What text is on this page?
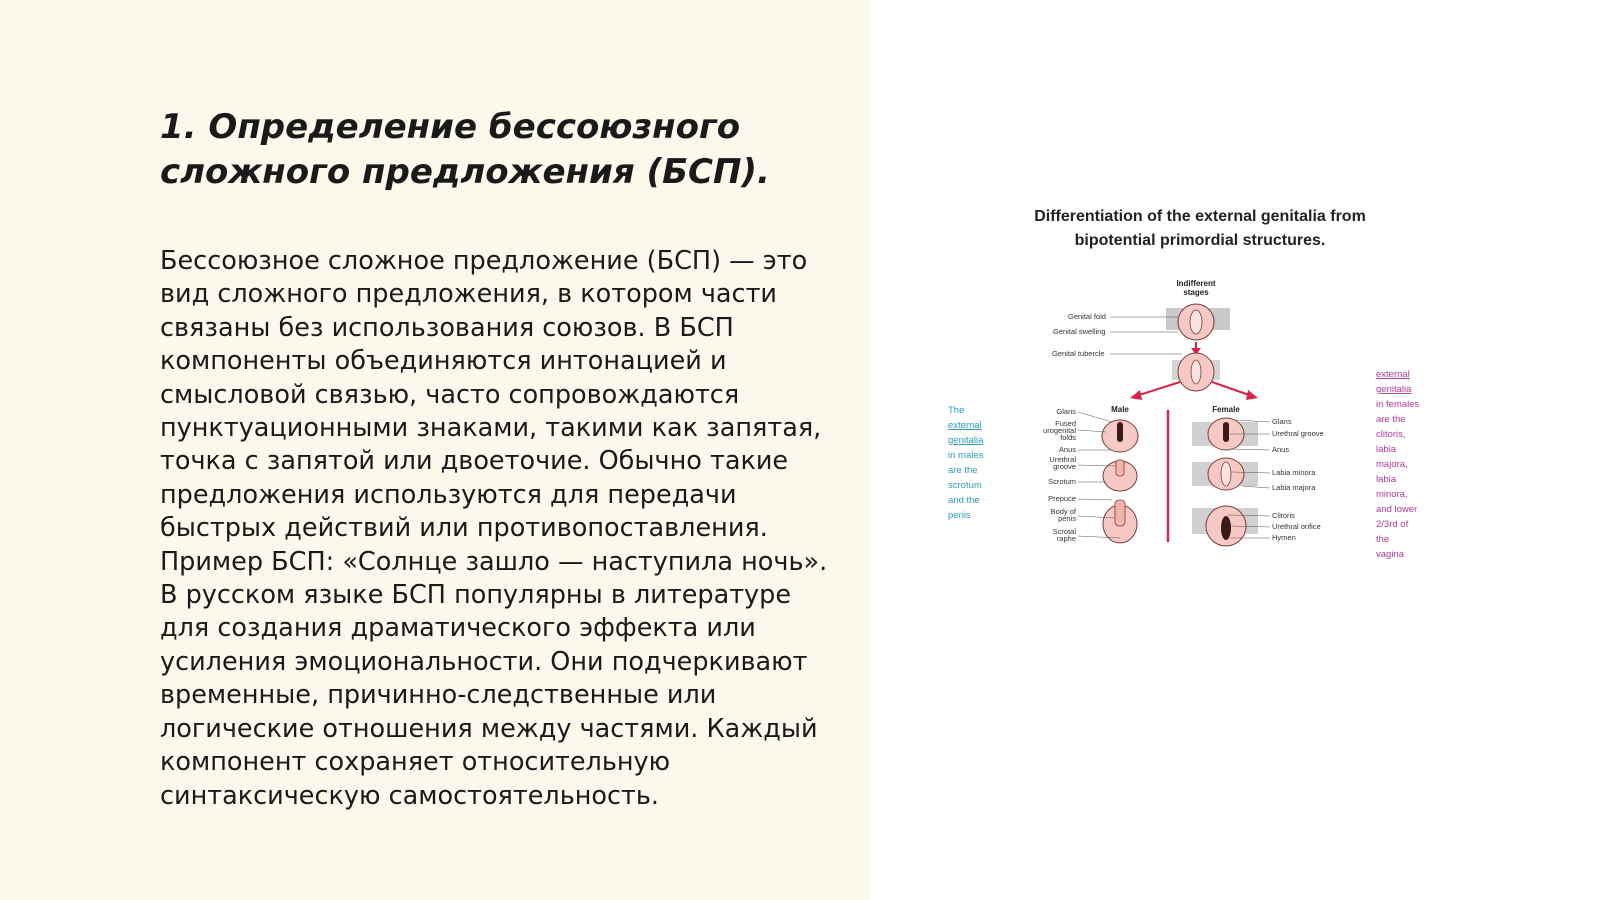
1. Определение бессоюзного сложного предложения (БСП).
Бессоюзное сложное предложение (БСП) — это
вид сложного предложения, в котором части
связаны без использования союзов. В БСП
компоненты объединяются интонацией и
смысловой связью, часто сопровождаются
пунктуационными знаками, такими как запятая,
точка с запятой или двоеточие. Обычно такие
предложения используются для передачи
быстрых действий или противопоставления.
Пример БСП: «Солнце зашло — наступила ночь».
В русском языке БСП популярны в литературе
для создания драматического эффекта или
усиления эмоциональности. Они подчеркивают
временные, причинно-следственные или
логические отношения между частями. Каждый
компонент сохраняет относительную
синтаксическую самостоятельность.
Differentiation of the external genitalia from
bipotential primordial structures.
Indifferent
stages
Genital fold
Genital swelling
Genital tubercle
Male	Female
Glans
Fused
urogenital
folds
Anus
Urethral
groove
Scrotum
Prepuce
Body of
penis
Scrotal
raphe
Glans
Urethral groove
Anus
Labia minora
Labia majora
Clitoris
Urethral orifice
Hymen
The
external
genitalia
in males
are the
scrotum
and the
penis
external
genitalia
in females
are the
clitoris,
labia
majora,
labia
minora,
and lower
2/3rd of
the
vagina
